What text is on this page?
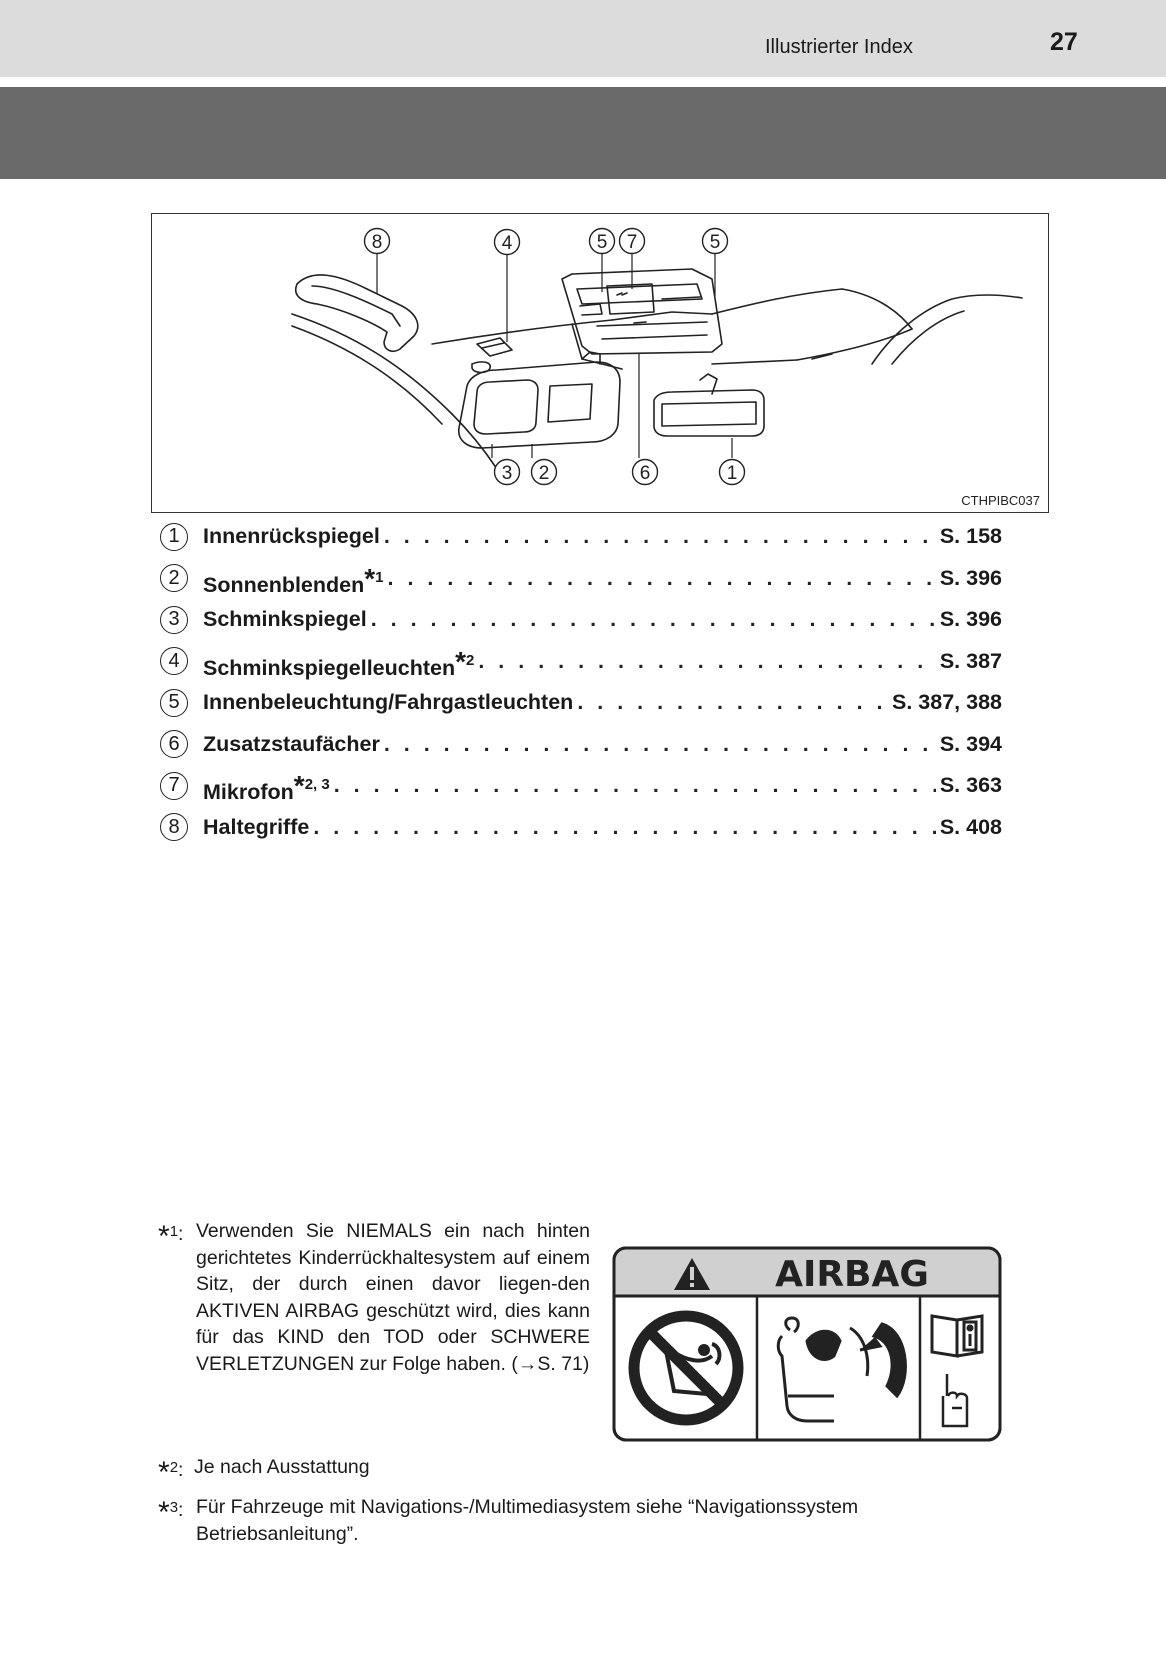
Illustrierter Index	27
8	4	5 7	5
3 2	6	1
CTHPIBC037
1	Innenrückspiegel . . .	S. 158
2	Sonnenblenden$^{*1}$ . . .	S. 396
3	Schminkspiegel . . .	S. 396
4	Schminkspiegelleuchten$^{*2}$ . . .	S. 387
5	Innenbeleuchtung/Fahrgastleuchten . . .	S. 387, 388
6	Zusatzstaufächer . . .	S. 394
7	Mikrofon$^{*2, 3}$ . . .	S. 363
8	Haltegriffe . . .	S. 408
*$^1$: Verwenden Sie NIEMALS ein nach hinten gerichtetes Kinderrückhaltesystem auf einem Sitz, der durch einen davor liegen-den AKTIVEN AIRBAG geschützt wird, dies kann für das KIND den TOD oder SCHWERE VERLETZUNGEN zur Folge haben. (→S. 71)
*$^2$: Je nach Ausstattung
*$^3$: Für Fahrzeuge mit Navigations-/Multimediasystem siehe “Navigationssystem Betriebsanleitung”.
AIRBAG
